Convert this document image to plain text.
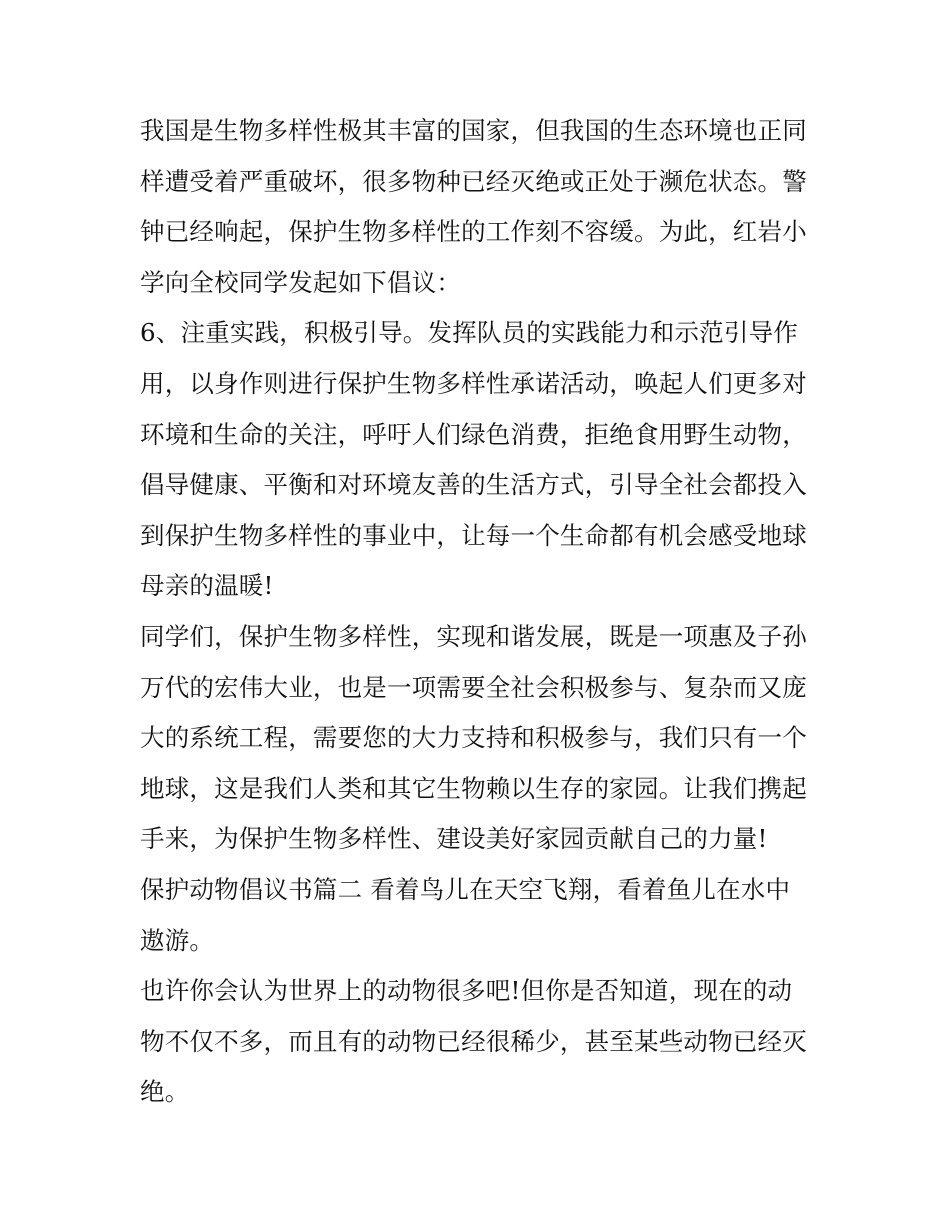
我国是生物多样性极其丰富的国家，但我国的生态环境也正同
样遭受着严重破坏，很多物种已经灭绝或正处于濒危状态。警
钟已经响起，保护生物多样性的工作刻不容缓。为此，红岩小
学向全校同学发起如下倡议：
6、注重实践，积极引导。发挥队员的实践能力和示范引导作
用，以身作则进行保护生物多样性承诺活动，唤起人们更多对
环境和生命的关注，呼吁人们绿色消费，拒绝食用野生动物，
倡导健康、平衡和对环境友善的生活方式，引导全社会都投入
到保护生物多样性的事业中，让每一个生命都有机会感受地球
母亲的温暖!
同学们，保护生物多样性，实现和谐发展，既是一项惠及子孙
万代的宏伟大业，也是一项需要全社会积极参与、复杂而又庞
大的系统工程，需要您的大力支持和积极参与，我们只有一个
地球，这是我们人类和其它生物赖以生存的家园。让我们携起
手来，为保护生物多样性、建设美好家园贡献自己的力量!
保护动物倡议书篇二 看着鸟儿在天空飞翔，看着鱼儿在水中
遨游。
也许你会认为世界上的动物很多吧!但你是否知道，现在的动
物不仅不多，而且有的动物已经很稀少，甚至某些动物已经灭
绝。
